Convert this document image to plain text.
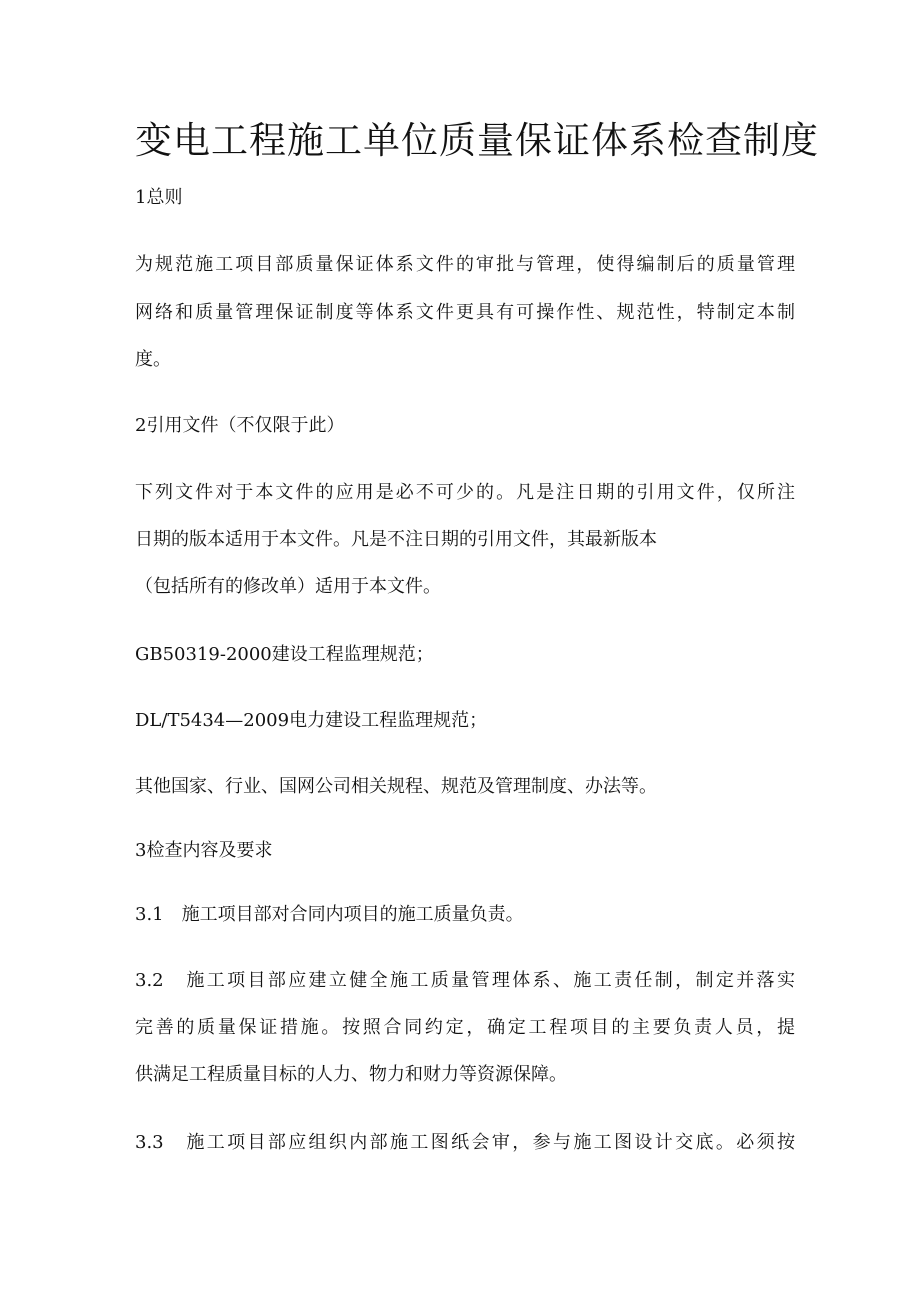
变电工程施工单位质量保证体系检查制度

1总则

为规范施工项目部质量保证体系文件的审批与管理，使得编制后的质量管理

网络和质量管理保证制度等体系文件更具有可操作性、规范性，特制定本制

度。

2引用文件（不仅限于此）

下列文件对于本文件的应用是必不可少的。凡是注日期的引用文件，仅所注

日期的版本适用于本文件。凡是不注日期的引用文件，其最新版本

（包括所有的修改单）适用于本文件。

GB50319-2000建设工程监理规范；

DL/T5434—2009电力建设工程监理规范；

其他国家、行业、国网公司相关规程、规范及管理制度、办法等。

3检查内容及要求

3.1　施工项目部对合同内项目的施工质量负责。

3.2　施工项目部应建立健全施工质量管理体系、施工责任制，制定并落实

完善的质量保证措施。按照合同约定，确定工程项目的主要负责人员，提

供满足工程质量目标的人力、物力和财力等资源保障。

3.3　施工项目部应组织内部施工图纸会审，参与施工图设计交底。必须按
